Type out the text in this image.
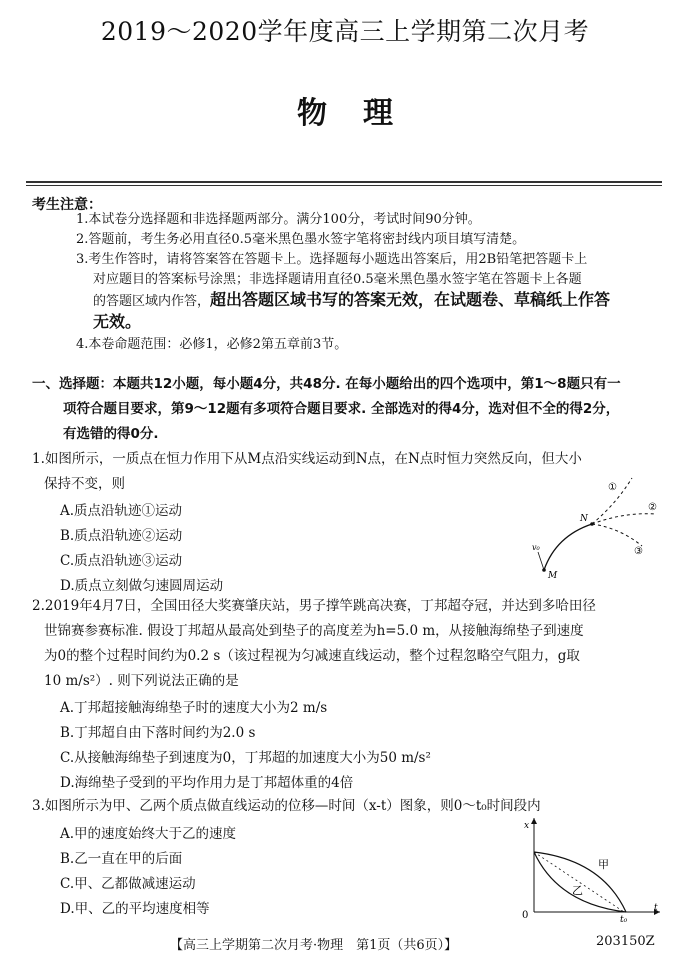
2019～2020学年度高三上学期第二次月考
物理
考生注意：
1.本试卷分选择题和非选择题两部分。满分100分，考试时间90分钟。
2.答题前，考生务必用直径0.5毫米黑色墨水签字笔将密封线内项目填写清楚。
3.考生作答时，请将答案答在答题卡上。选择题每小题选出答案后，用2B铅笔把答题卡上
对应题目的答案标号涂黑；非选择题请用直径0.5毫米黑色墨水签字笔在答题卡上各题
的答题区域内作答，超出答题区域书写的答案无效，在试题卷、草稿纸上作答
无效。
4.本卷命题范围：必修1，必修2第五章前3节。
一、选择题：本题共12小题，每小题4分，共48分. 在每小题给出的四个选项中，第1～8题只有一
项符合题目要求，第9～12题有多项符合题目要求. 全部选对的得4分，选对但不全的得2分，
有选错的得0分.
1.如图所示，一质点在恒力作用下从M点沿实线运动到N点，在N点时恒力突然反向，但大小
保持不变，则
A.质点沿轨迹①运动
B.质点沿轨迹②运动
C.质点沿轨迹③运动
D.质点立刻做匀速圆周运动
①
②
③
N
M
v₀
2.2019年4月7日，全国田径大奖赛肇庆站，男子撑竿跳高决赛，丁邦超夺冠，并达到多哈田径
世锦赛参赛标准. 假设丁邦超从最高处到垫子的高度差为h=5.0 m，从接触海绵垫子到速度
为0的整个过程时间约为0.2 s（该过程视为匀减速直线运动，整个过程忽略空气阻力，g取
10 m/s²）. 则下列说法正确的是
A.丁邦超接触海绵垫子时的速度大小为2 m/s
B.丁邦超自由下落时间约为2.0 s
C.从接触海绵垫子到速度为0，丁邦超的加速度大小为50 m/s²
D.海绵垫子受到的平均作用力是丁邦超体重的4倍
3.如图所示为甲、乙两个质点做直线运动的位移—时间（x-t）图象，则0～t₀时间段内
A.甲的速度始终大于乙的速度
B.乙一直在甲的后面
C.甲、乙都做减速运动
D.甲、乙的平均速度相等
x
t
0	t₀
甲
乙
【高三上学期第二次月考·物理　第1页（共6页）】	203150Z
